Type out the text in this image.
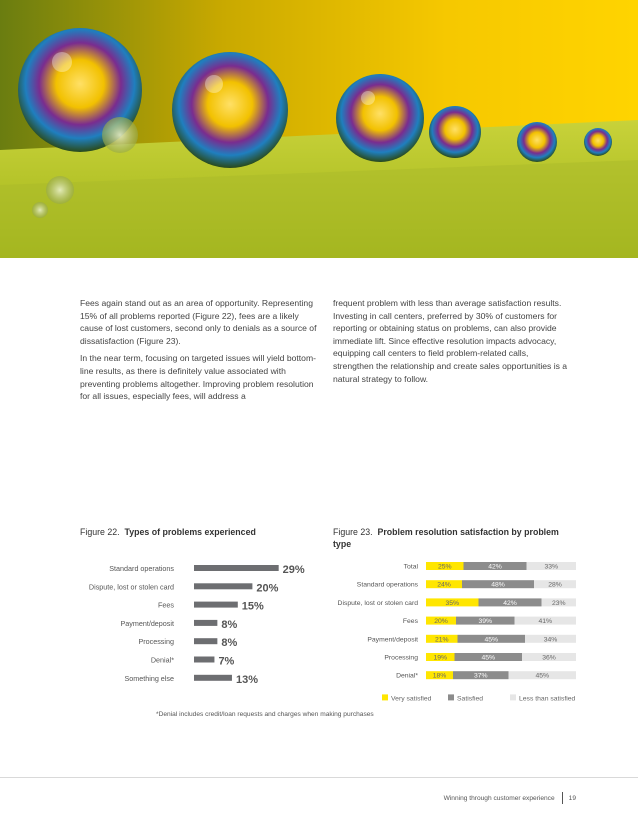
Fees again stand out as an area of opportunity. Representing 15% of all problems reported (Figure 22), fees are a likely cause of lost customers, second only to denials as a source of dissatisfaction (Figure 23).

In the near term, focusing on targeted issues will yield bottom-line results, as there is definitely value associated with preventing problems altogether. Improving problem resolution for all issues, especially fees, will address a

frequent problem with less than average satisfaction results. Investing in call centers, preferred by 30% of customers for reporting or obtaining status on problems, can also provide immediate lift. Since effective resolution impacts advocacy, equipping call centers to field problem-related calls, strengthen the relationship and create sales opportunities is a natural strategy to follow.

Figure 22. Types of problems experienced	Figure 23. Problem resolution satisfaction by problem type
Standard operations	29%
Dispute, lost or stolen card	20%
Fees	15%
Payment/deposit	8%
Processing	8%
Denial*	7%
Something else	13%
Total	25%	42%	33%
Standard operations	24%	48%	28%
Dispute, lost or stolen card	35%	42%	23%
Fees 20%	39%	41%
Payment/deposit 21%	45%	34%
Processing 19%	45%	36%
Denial* 18%	37%	45%
Very satisfied	Satisfied	Less than satisfied
*Denial includes credit/loan requests and charges when making purchases
Winning through customer experience 19
